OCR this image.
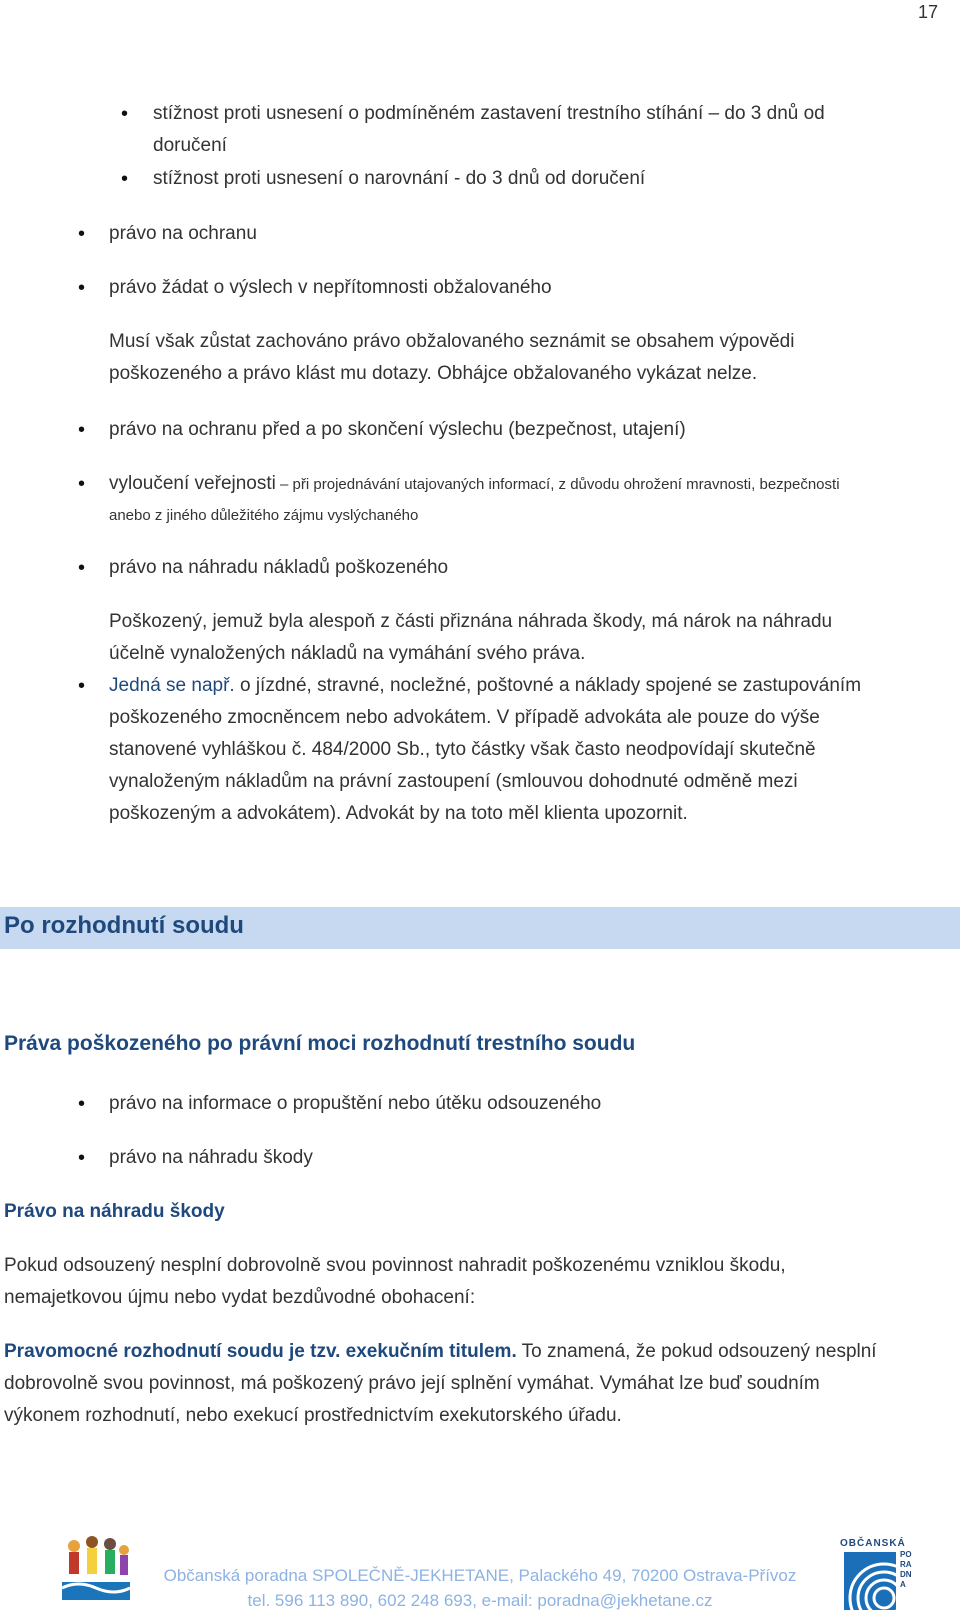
17
• stížnost proti usnesení o podmíněném zastavení trestního stíhání – do 3 dnů od
doručení
• stížnost proti usnesení o narovnání - do 3 dnů od doručení
• právo na ochranu
• právo žádat o výslech v nepřítomnosti obžalovaného
Musí však zůstat zachováno právo obžalovaného seznámit se obsahem výpovědi
poškozeného a právo klást mu dotazy. Obhájce obžalovaného vykázat nelze.
• právo na ochranu před a po skončení výslechu (bezpečnost, utajení)
• vyloučení veřejnosti – při projednávání utajovaných informací, z důvodu ohrožení mravnosti, bezpečnosti
anebo z jiného důležitého zájmu vyslýchaného
• právo na náhradu nákladů poškozeného
Poškozený, jemuž byla alespoň z části přiznána náhrada škody, má nárok na náhradu
účelně vynaložených nákladů na vymáhání svého práva.
• Jedná se např. o jízdné, stravné, nocležné, poštovné a náklady spojené se zastupováním
poškozeného zmocněncem nebo advokátem. V případě advokáta ale pouze do výše
stanovené vyhláškou č. 484/2000 Sb., tyto částky však často neodpovídají skutečně
vynaloženým nákladům na právní zastoupení (smlouvou dohodnuté odměně mezi
poškozeným a advokátem). Advokát by na toto měl klienta upozornit.
Po rozhodnutí soudu
Práva poškozeného po právní moci rozhodnutí trestního soudu
• právo na informace o propuštění nebo útěku odsouzeného
• právo na náhradu škody
Právo na náhradu škody
Pokud odsouzený nesplní dobrovolně svou povinnost nahradit poškozenému vzniklou škodu,
nemajetkovou újmu nebo vydat bezdůvodné obohacení:
Pravomocné rozhodnutí soudu je tzv. exekučním titulem. To znamená, že pokud odsouzený nesplní
dobrovolně svou povinnost, má poškozený právo její splnění vymáhat. Vymáhat lze buď soudním
výkonem rozhodnutí, nebo exekucí prostřednictvím exekutorského úřadu.
Občanská poradna SPOLEČNĚ-JEKHETANE, Palackého 49, 70200 Ostrava-Přívoz
tel. 596 113 890, 602 248 693, e-mail: poradna@jekhetane.cz
OBČANSKÁ
PORADNA
